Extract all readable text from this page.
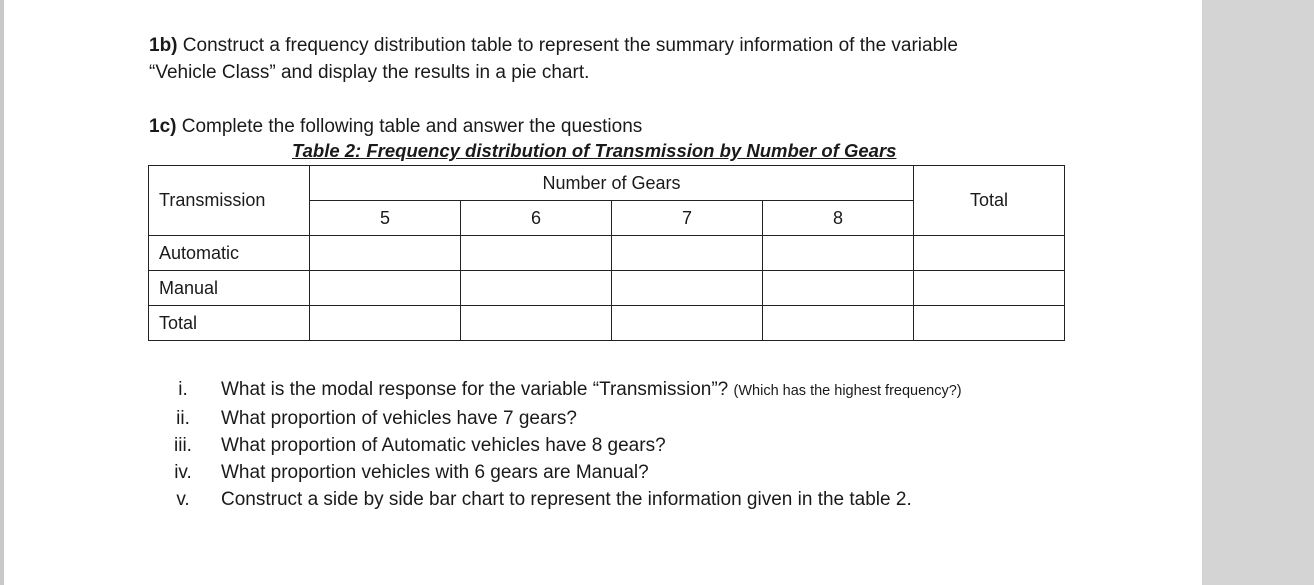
1b) Construct a frequency distribution table to represent the summary information of the variable
“Vehicle Class” and display the results in a pie chart.

1c) Complete the following table and answer the questions

Table 2: Frequency distribution of Transmission by Number of Gears
Transmission	Number of Gears				Total
	5	6	7	8	
Automatic					
Manual					
Total					
i.	What is the modal response for the variable “Transmission”? (Which has the highest frequency?)
ii.	What proportion of vehicles have 7 gears?
iii.	What proportion of Automatic vehicles have 8 gears?
iv.	What proportion vehicles with 6 gears are Manual?
v.	Construct a side by side bar chart to represent the information given in the table 2.
